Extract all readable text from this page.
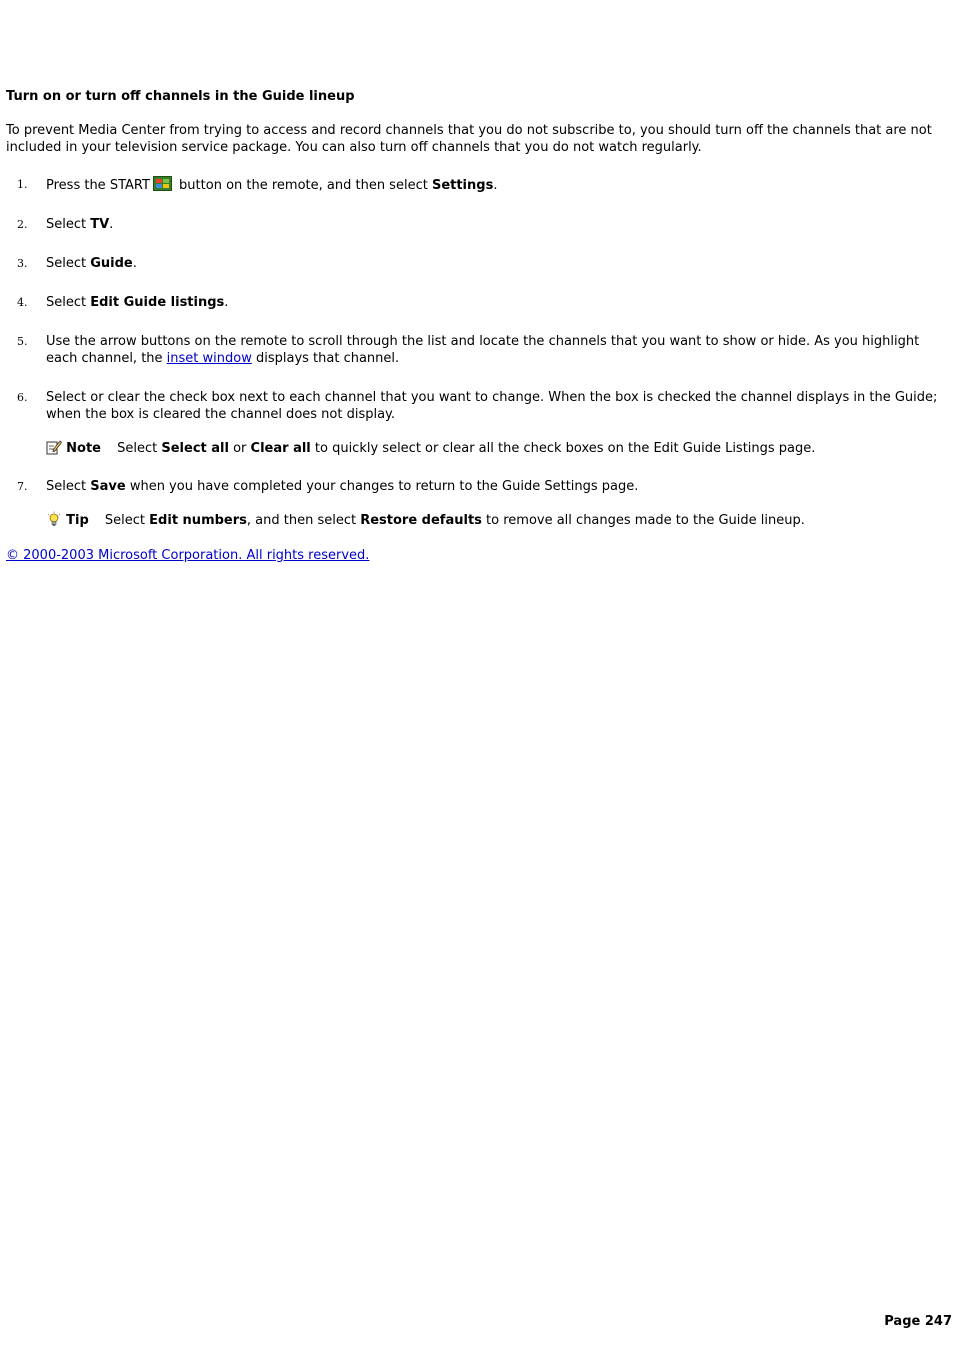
Turn on or turn off channels in the Guide lineup

To prevent Media Center from trying to access and record channels that you do not subscribe to, you should turn off the channels that are not included in your television service package. You can also turn off channels that you do not watch regularly.

1. Press the START button on the remote, and then select Settings.
2. Select TV.
3. Select Guide.
4. Select Edit Guide listings.
5. Use the arrow buttons on the remote to scroll through the list and locate the channels that you want to show or hide. As you highlight each channel, the inset window displays that channel.
6. Select or clear the check box next to each channel that you want to change. When the box is checked the channel displays in the Guide; when the box is cleared the channel does not display.
Note Select Select all or Clear all to quickly select or clear all the check boxes on the Edit Guide Listings page.
7. Select Save when you have completed your changes to return to the Guide Settings page.
Tip Select Edit numbers, and then select Restore defaults to remove all changes made to the Guide lineup.
© 2000-2003 Microsoft Corporation. All rights reserved.
Page 247
